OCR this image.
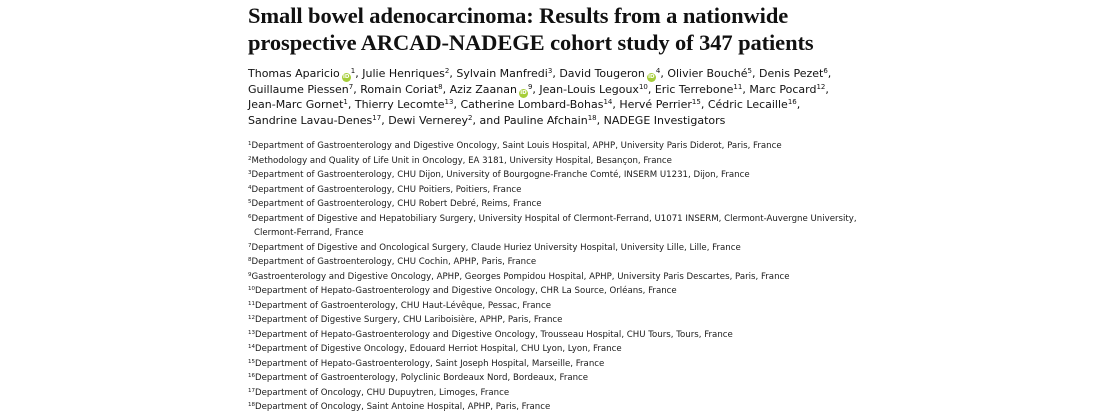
Small bowel adenocarcinoma: Results from a nationwide
prospective ARCAD-NADEGE cohort study of 347 patients
Thomas Aparicio $iD^1$, Julie Henriques$^2$, Sylvain Manfredi$^3$, David Tougeron $iD^4$, Olivier Bouché$^5$, Denis Pezet$^6$,
Guillaume Piessen$^7$, Romain Coriat$^8$, Aziz Zaanan $iD^9$, Jean-Louis Legoux$^{10}$, Eric Terrebone$^{11}$, Marc Pocard$^{12}$,
Jean-Marc Gornet$^1$, Thierry Lecomte$^{13}$, Catherine Lombard-Bohas$^{14}$, Hervé Perrier$^{15}$, Cédric Lecaille$^{16}$,
Sandrine Lavau-Denes$^{17}$, Dewi Vernerey$^2$, and Pauline Afchain$^{18}$, NADEGE Investigators
$^1$Department of Gastroenterology and Digestive Oncology, Saint Louis Hospital, APHP, University Paris Diderot, Paris, France
$^2$Methodology and Quality of Life Unit in Oncology, EA 3181, University Hospital, Besançon, France
$^3$Department of Gastroenterology, CHU Dijon, University of Bourgogne-Franche Comté, INSERM U1231, Dijon, France
$^4$Department of Gastroenterology, CHU Poitiers, Poitiers, France
$^5$Department of Gastroenterology, CHU Robert Debré, Reims, France
$^6$Department of Digestive and Hepatobiliary Surgery, University Hospital of Clermont-Ferrand, U1071 INSERM, Clermont-Auvergne University,
Clermont-Ferrand, France
$^7$Department of Digestive and Oncological Surgery, Claude Huriez University Hospital, University Lille, Lille, France
$^8$Department of Gastroenterology, CHU Cochin, APHP, Paris, France
$^9$Gastroenterology and Digestive Oncology, APHP, Georges Pompidou Hospital, APHP, University Paris Descartes, Paris, France
$^{10}$Department of Hepato-Gastroenterology and Digestive Oncology, CHR La Source, Orléans, France
$^{11}$Department of Gastroenterology, CHU Haut-Lévêque, Pessac, France
$^{12}$Department of Digestive Surgery, CHU Lariboisière, APHP, Paris, France
$^{13}$Department of Hepato-Gastroenterology and Digestive Oncology, Trousseau Hospital, CHU Tours, Tours, France
$^{14}$Department of Digestive Oncology, Edouard Herriot Hospital, CHU Lyon, Lyon, France
$^{15}$Department of Hepato-Gastroenterology, Saint Joseph Hospital, Marseille, France
$^{16}$Department of Gastroenterology, Polyclinic Bordeaux Nord, Bordeaux, France
$^{17}$Department of Oncology, CHU Dupuytren, Limoges, France
$^{18}$Department of Oncology, Saint Antoine Hospital, APHP, Paris, France
